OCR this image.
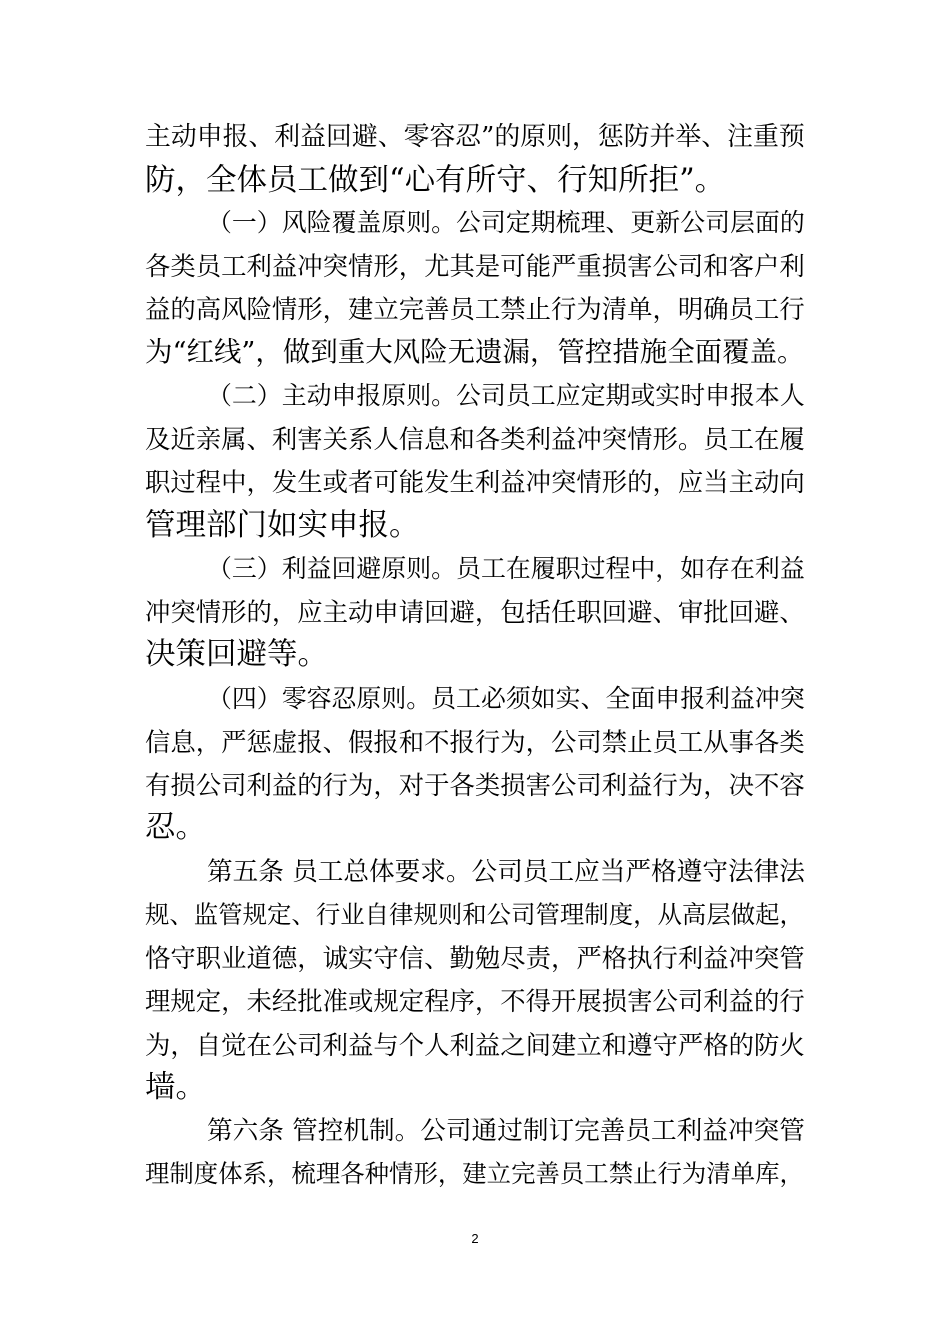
主动申报、利益回避、零容忍”的原则，惩防并举、注重预
防，全体员工做到“心有所守、行知所拒”。
（一）风险覆盖原则。公司定期梳理、更新公司层面的
各类员工利益冲突情形，尤其是可能严重损害公司和客户利
益的高风险情形，建立完善员工禁止行为清单，明确员工行
为“红线”，做到重大风险无遗漏，管控措施全面覆盖。
（二）主动申报原则。公司员工应定期或实时申报本人
及近亲属、利害关系人信息和各类利益冲突情形。员工在履
职过程中，发生或者可能发生利益冲突情形的，应当主动向
管理部门如实申报。
（三）利益回避原则。员工在履职过程中，如存在利益
冲突情形的，应主动申请回避，包括任职回避、审批回避、
决策回避等。
（四）零容忍原则。员工必须如实、全面申报利益冲突
信息，严惩虚报、假报和不报行为，公司禁止员工从事各类
有损公司利益的行为，对于各类损害公司利益行为，决不容
忍。
第五条 员工总体要求。公司员工应当严格遵守法律法
规、监管规定、行业自律规则和公司管理制度，从高层做起，
恪守职业道德，诚实守信、勤勉尽责，严格执行利益冲突管
理规定，未经批准或规定程序，不得开展损害公司利益的行
为，自觉在公司利益与个人利益之间建立和遵守严格的防火
墙。
第六条 管控机制。公司通过制订完善员工利益冲突管
理制度体系，梳理各种情形，建立完善员工禁止行为清单库，
2
